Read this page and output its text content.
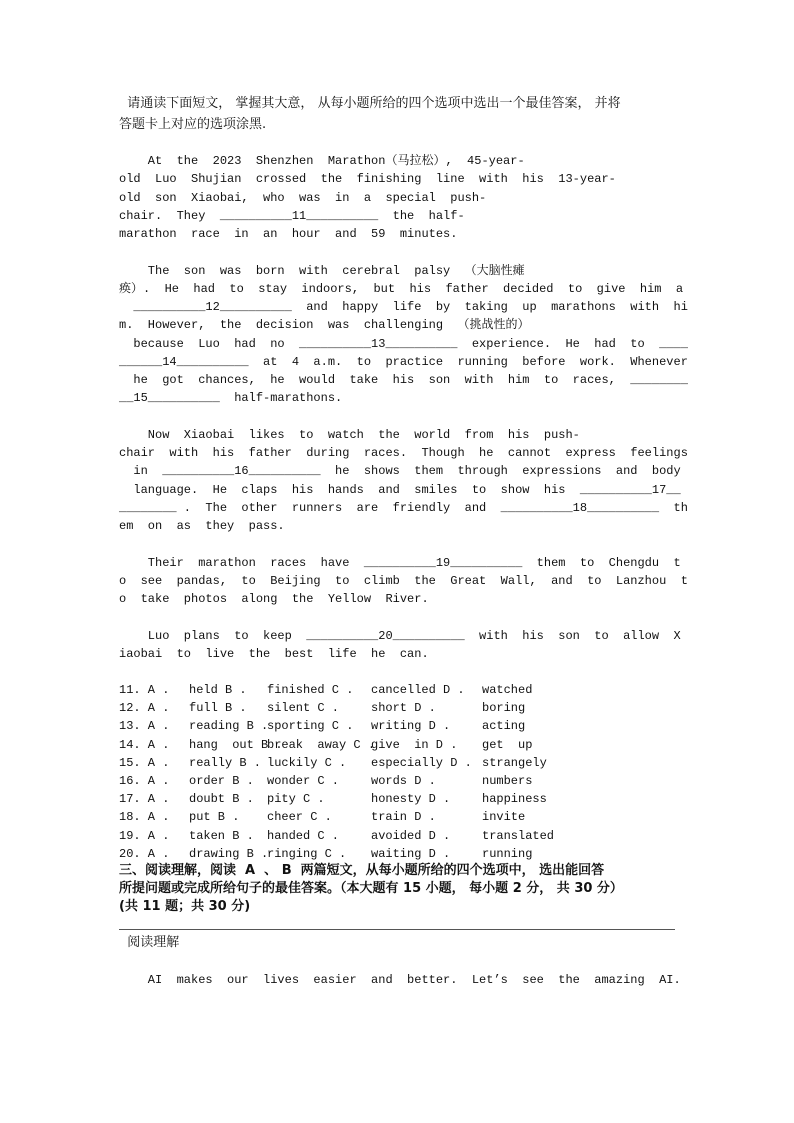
请通读下面短文， 掌握其大意， 从每小题所给的四个选项中选出一个最佳答案， 并将
答题卡上对应的选项涂黑.
At  the  2023  Shenzhen  Marathon（马拉松）,  45-year-
old  Luo  Shujian  crossed  the  finishing  line  with  his  13-year-
old  son  Xiaobai,  who  was  in  a  special  push-
chair.  They  __________11__________  the  half-
marathon  race  in  an  hour  and  59  minutes.
The  son  was  born  with  cerebral  palsy  （大脑性瘫
痪）.  He  had  to  stay  indoors,  but  his  father  decided  to  give  him  a
__________12__________  and  happy  life  by  taking  up  marathons  with  hi
m.  However,  the  decision  was  challenging  （挑战性的）
because  Luo  had  no  __________13__________  experience.  He  had  to  ____
______14__________  at  4  a.m.  to  practice  running  before  work.  Whenever
he  got  chances,  he  would  take  his  son  with  him  to  races,  ________
__15__________  half-marathons.
Now  Xiaobai  likes  to  watch  the  world  from  his  push-
chair  with  his  father  during  races.  Though  he  cannot  express  feelings
in  __________16__________  he  shows  them  through  expressions  and  body
language.  He  claps  his  hands  and  smiles  to  show  his  __________17__
________ .  The  other  runners  are  friendly  and  __________18__________  th
em  on  as  they  pass.
Their  marathon  races  have  __________19__________  them  to  Chengdu  t
o  see  pandas,  to  Beijing  to  climb  the  Great  Wall,  and  to  Lanzhou  t
o  take  photos  along  the  Yellow  River.
Luo  plans  to  keep  __________20__________  with  his  son  to  allow  X
iaobai  to  live  the  best  life  he  can.
11. A . held B . finished C . cancelled D . watched
12. A . full B . silent C .	short D .	boring
13. A . reading B .
sporting C . writing D .	acting
14. A . hang  out B .
break  away C .
give  in D . get  up
15. A . really B . luckily C . especially D . strangely
16. A . order B . wonder C .	words D .	numbers
17. A . doubt B . pity C .	honesty D .	happiness
18. A . put B . cheer C .	train D .	invite
19. A . taken B . handed C .	avoided D .	translated
20. A . drawing B .
ringing C . waiting D .	running
三、阅读理解，阅读  A  、 B  两篇短文，从每小题所给的四个选项中， 选出能回答
所提问题或完成所给句子的最佳答案。（本大题有 15 小题， 每小题 2 分， 共 30 分）
(共 11 题；共 30 分)
阅读理解
AI  makes  our  lives  easier  and  better.  Let’s  see  the  amazing  AI.
